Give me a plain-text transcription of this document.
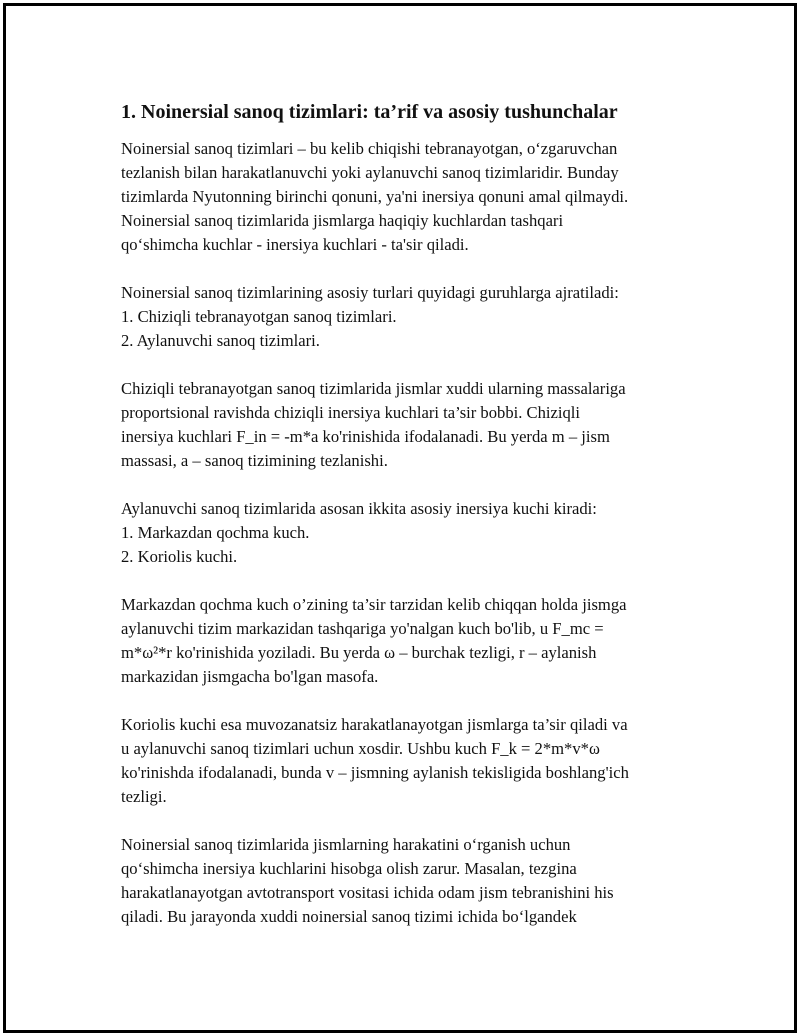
1. Noinersial sanoq tizimlari: ta’rif va asosiy tushunchalar

Noinersial sanoq tizimlari – bu kelib chiqishi tebranayotgan, o‘zgaruvchan
tezlanish bilan harakatlanuvchi yoki aylanuvchi sanoq tizimlaridir. Bunday
tizimlarda Nyutonning birinchi qonuni, ya'ni inersiya qonuni amal qilmaydi.
Noinersial sanoq tizimlarida jismlarga haqiqiy kuchlardan tashqari
qo‘shimcha kuchlar - inersiya kuchlari - ta'sir qiladi.

Noinersial sanoq tizimlarining asosiy turlari quyidagi guruhlarga ajratiladi:
1. Chiziqli tebranayotgan sanoq tizimlari.
2. Aylanuvchi sanoq tizimlari.

Chiziqli tebranayotgan sanoq tizimlarida jismlar xuddi ularning massalariga
proportsional ravishda chiziqli inersiya kuchlari ta’sir bobbi. Chiziqli
inersiya kuchlari F_in = -m*a ko'rinishida ifodalanadi. Bu yerda m – jism
massasi, a – sanoq tizimining tezlanishi.

Aylanuvchi sanoq tizimlarida asosan ikkita asosiy inersiya kuchi kiradi:
1. Markazdan qochma kuch.
2. Koriolis kuchi.

Markazdan qochma kuch o’zining ta’sir tarzidan kelib chiqqan holda jismga
aylanuvchi tizim markazidan tashqariga yo'nalgan kuch bo'lib, u F_mc =
m*ω²*r ko'rinishida yoziladi. Bu yerda ω – burchak tezligi, r – aylanish
markazidan jismgacha bo'lgan masofa.

Koriolis kuchi esa muvozanatsiz harakatlanayotgan jismlarga ta’sir qiladi va
u aylanuvchi sanoq tizimlari uchun xosdir. Ushbu kuch F_k = 2*m*v*ω
ko'rinishda ifodalanadi, bunda v – jismning aylanish tekisligida boshlang'ich
tezligi.

Noinersial sanoq tizimlarida jismlarning harakatini o‘rganish uchun
qo‘shimcha inersiya kuchlarini hisobga olish zarur. Masalan, tezgina
harakatlanayotgan avtotransport vositasi ichida odam jism tebranishini his
qiladi. Bu jarayonda xuddi noinersial sanoq tizimi ichida bo‘lgandek
